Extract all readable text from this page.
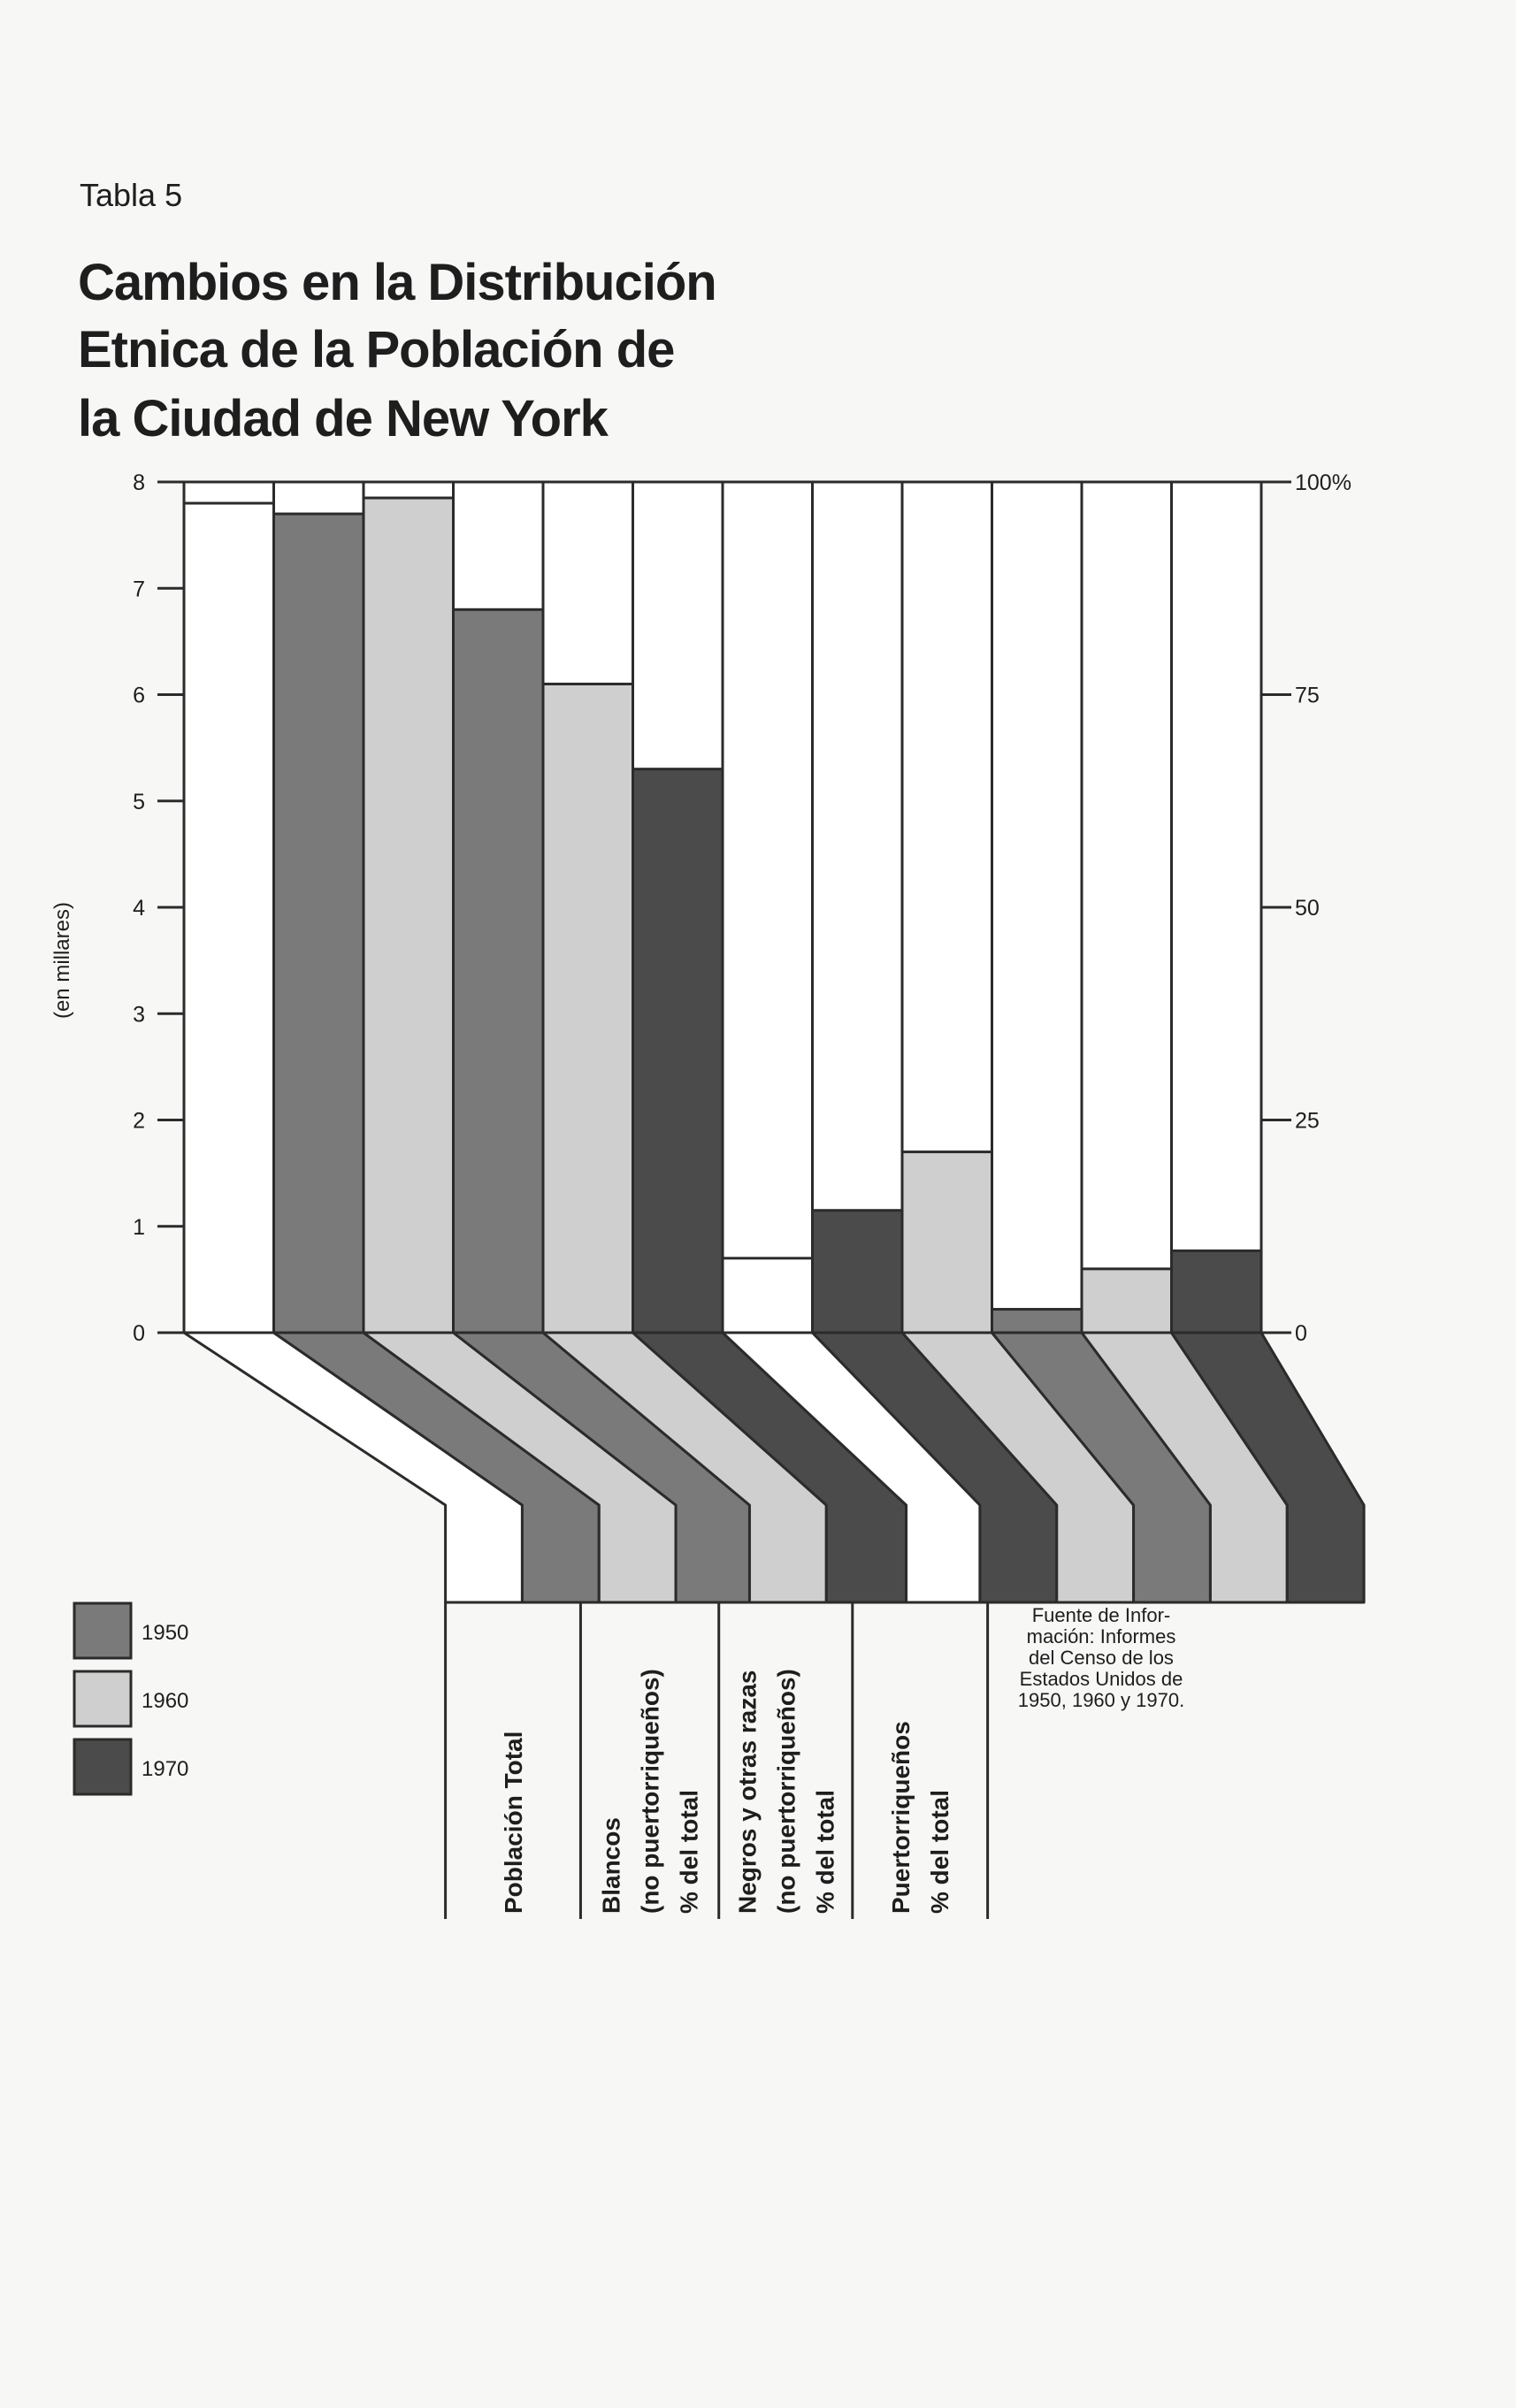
Tabla 5
Cambios en la Distribución
Etnica de la Población de
la Ciudad de New York
0
1
2
3
4
5
6
7
8
0
25
50
75
100%
Población Total	Blancos (no puertorriqueños) % del total Negros y otras razas (no puertorriqueños) % del total Puertorriqueños % del total
1950
1960
1970
(en millares)
Fuente de Infor-
mación: Informes
del Censo de los
Estados Unidos de
1950, 1960 y 1970.
